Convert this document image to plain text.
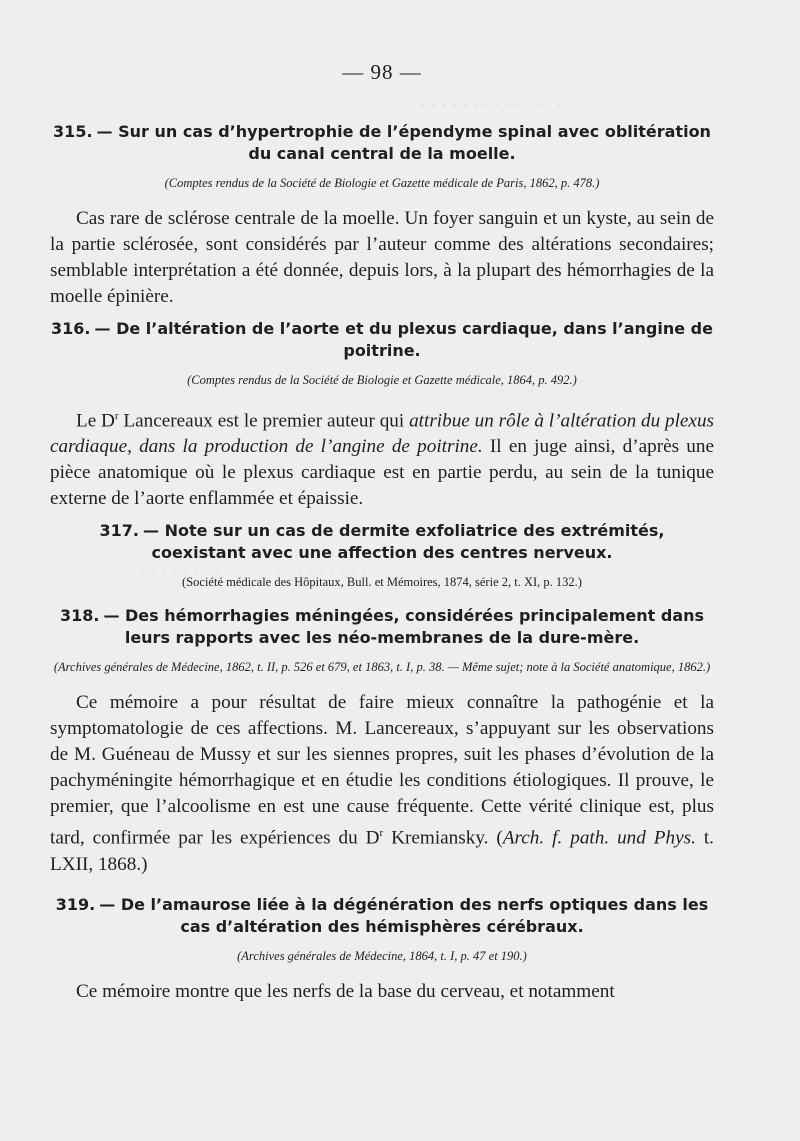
· · · · · · · · · · · · · ·
· · · · · · · · · · · · · · · · · · · · · · ·
— 98 —

315. — Sur un cas d’hypertrophie de l’épendyme spinal avec oblitération du canal central de la moelle.

(Comptes rendus de la Société de Biologie et Gazette médicale de Paris, 1862, p. 478.)

Cas rare de sclérose centrale de la moelle. Un foyer sanguin et un kyste, au sein de la partie sclérosée, sont considérés par l’auteur comme des altérations secondaires; semblable interprétation a été donnée, depuis lors, à la plupart des hémorrhagies de la moelle épinière.

316. — De l’altération de l’aorte et du plexus cardiaque, dans l’angine de poitrine.

(Comptes rendus de la Société de Biologie et Gazette médicale, 1864, p. 492.)

Le $D^r$ Lancereaux est le premier auteur qui attribue un rôle à l’altération du plexus cardiaque, dans la production de l’angine de poitrine. Il en juge ainsi, d’après une pièce anatomique où le plexus cardiaque est en partie perdu, au sein de la tunique externe de l’aorte enflammée et épaissie.

317. — Note sur un cas de dermite exfoliatrice des extrémités, coexistant avec une affection des centres nerveux.

(Société médicale des Hôpitaux, Bull. et Mémoires, 1874, série 2, t. XI, p. 132.)

318. — Des hémorrhagies méningées, considérées principalement dans leurs rapports avec les néo-membranes de la dure-mère.

(Archives générales de Médecine, 1862, t. II, p. 526 et 679, et 1863, t. I, p. 38. — Même sujet; note à la Société anatomique, 1862.)

Ce mémoire a pour résultat de faire mieux connaître la pathogénie et la symptomatologie de ces affections. M. Lancereaux, s’appuyant sur les observations de M. Guéneau de Mussy et sur les siennes propres, suit les phases d’évolution de la pachyméningite hémorrhagique et en étudie les conditions étiologiques. Il prouve, le premier, que l’alcoolisme en est une cause fréquente. Cette vérité clinique est, plus tard, confirmée par les expériences du $D^r$ Kremiansky. (Arch. f. path. und Phys. t. LXII, 1868.)

319. — De l’amaurose liée à la dégénération des nerfs optiques dans les cas d’altération des hémisphères cérébraux.

(Archives générales de Médecine, 1864, t. I, p. 47 et 190.)

Ce mémoire montre que les nerfs de la base du cerveau, et notamment
